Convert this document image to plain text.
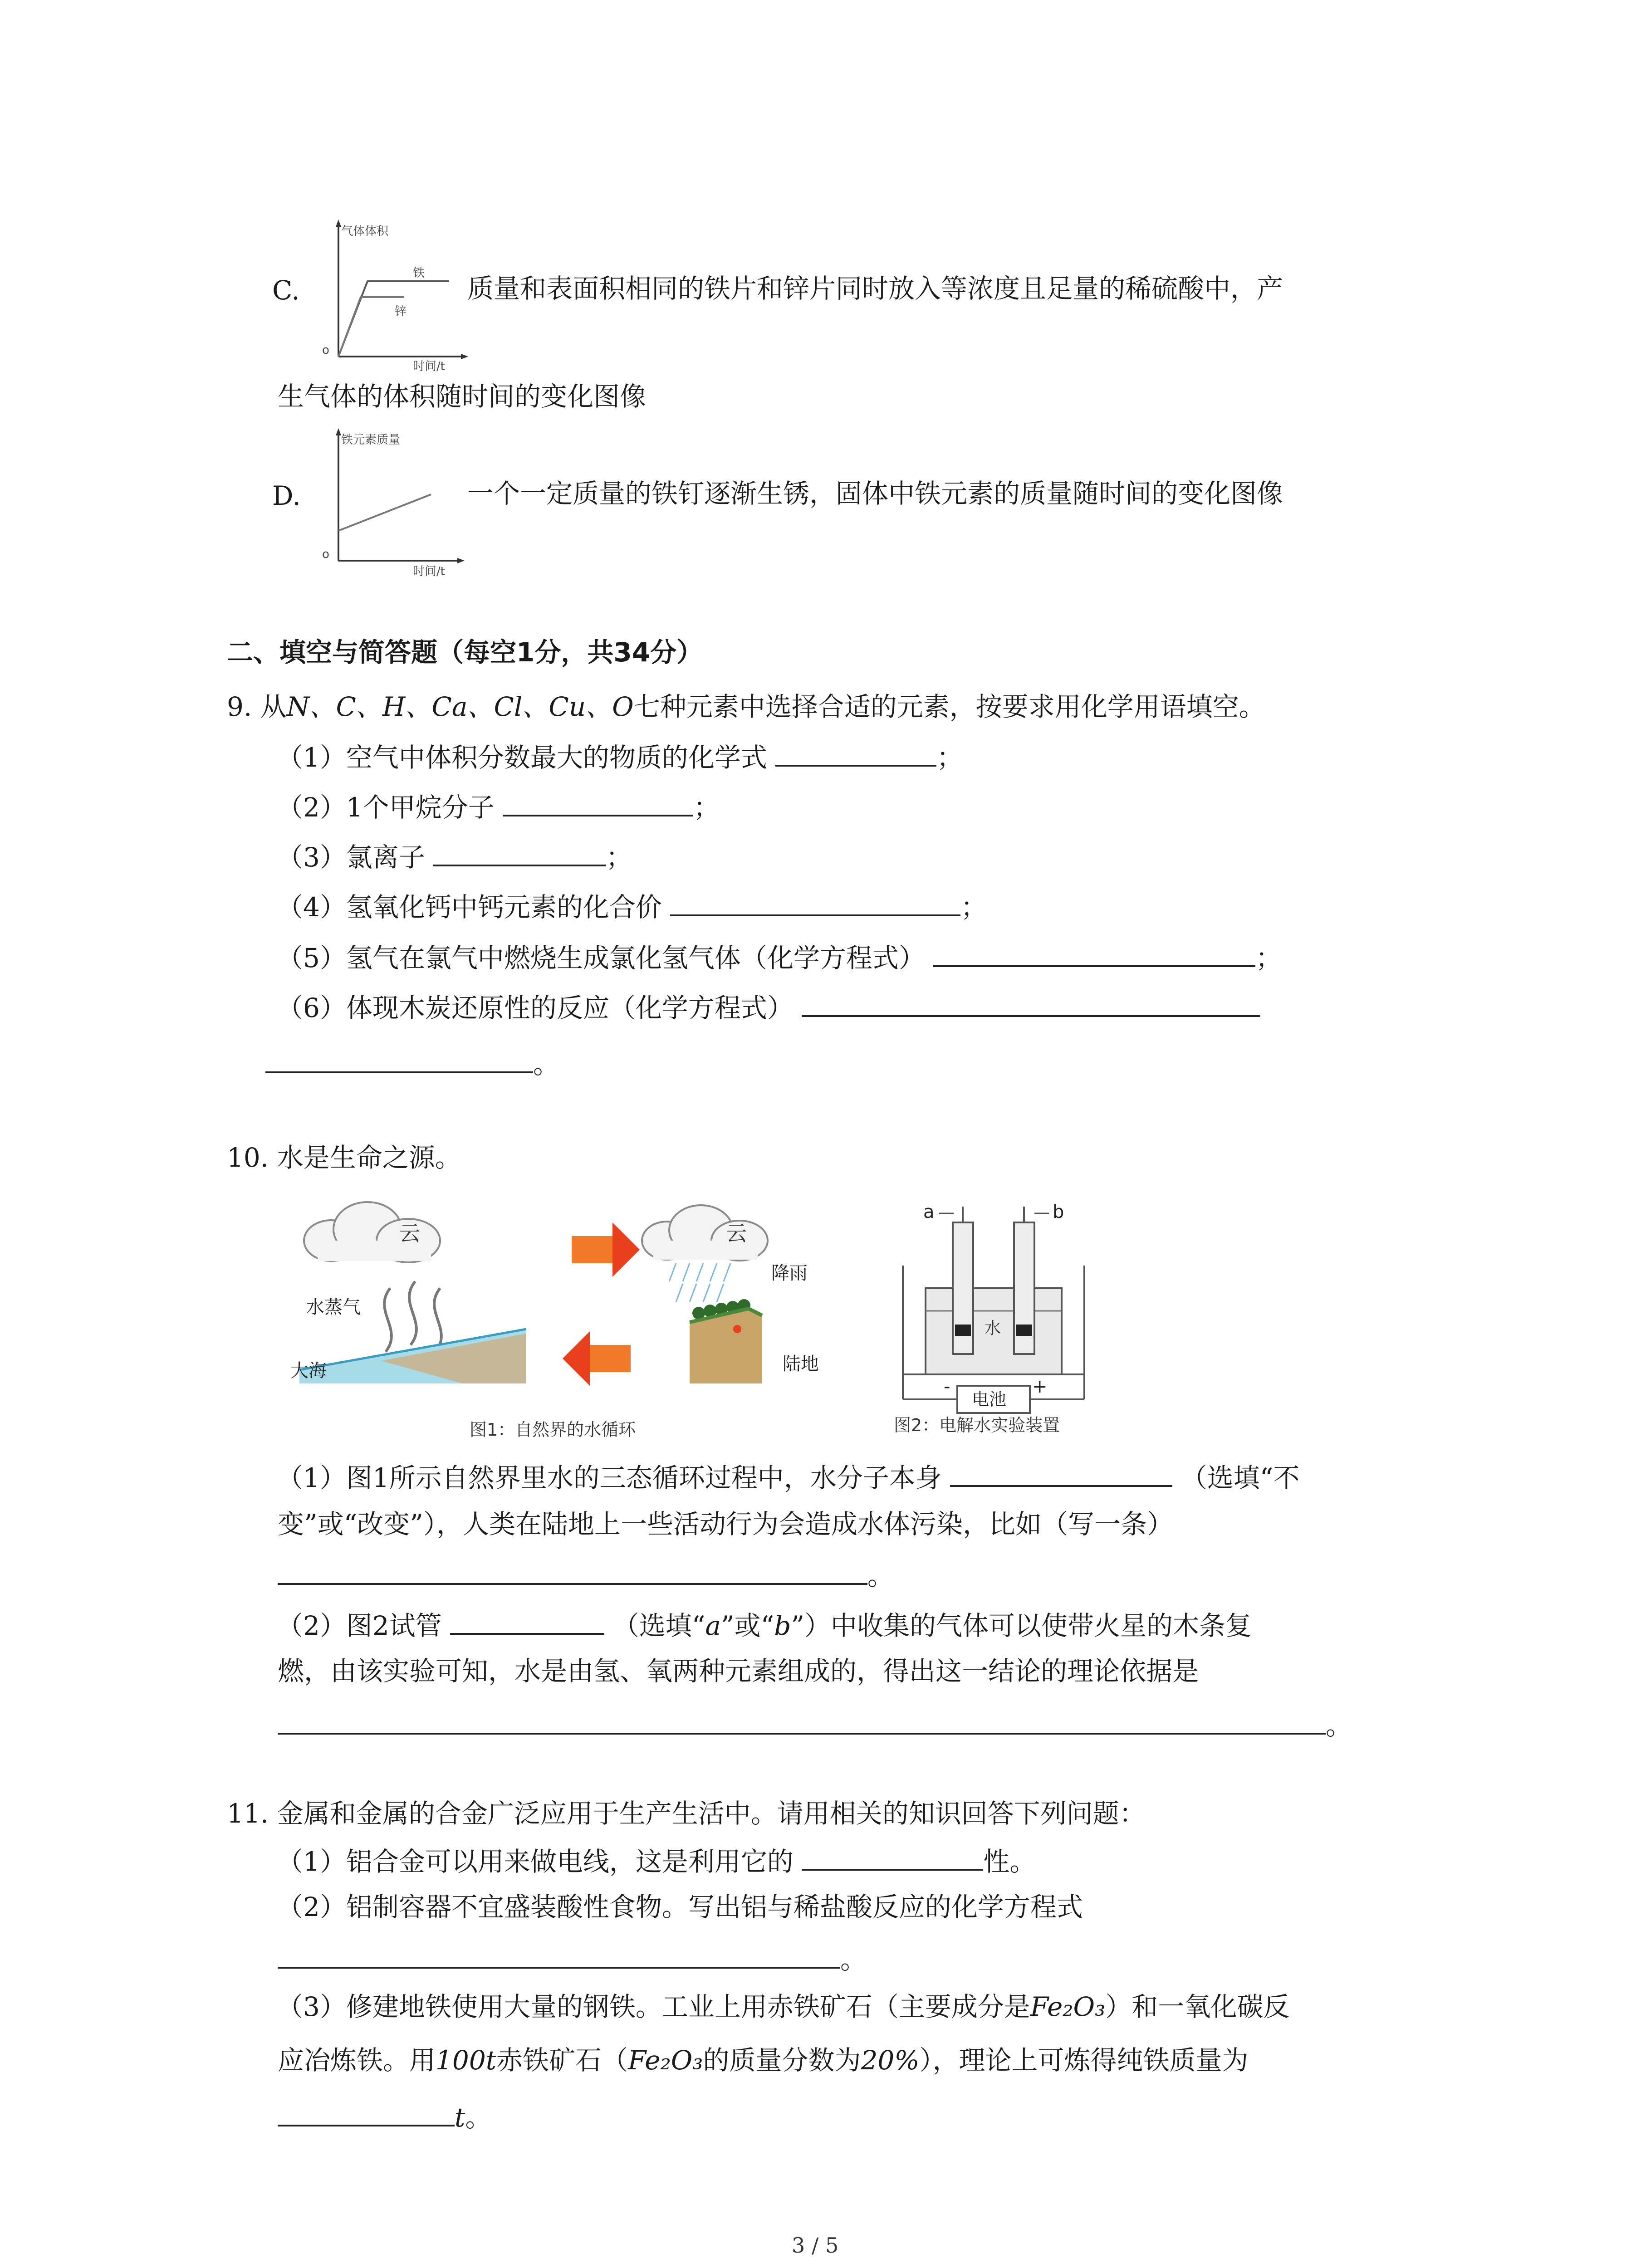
气体体积
铁
锌
o
时间/t
C.	质量和表面积相同的铁片和锌片同时放入等浓度且足量的稀硫酸中，产
生气体的体积随时间的变化图像
铁元素质量
o
时间/t
D.	一个一定质量的铁钉逐渐生锈，固体中铁元素的质量随时间的变化图像
二、填空与简答题（每空1分，共34分）
9. 从N、C、H、Ca、Cl、Cu、O七种元素中选择合适的元素，按要求用化学用语填空。
（1）空气中体积分数最大的物质的化学式	；
（2）1个甲烷分子	；
（3）氯离子	；
（4）氢氧化钙中钙元素的化合价	；
（5）氢气在氯气中燃烧生成氯化氢气体（化学方程式）	；
（6）体现木炭还原性的反应（化学方程式）
。
10. 水是生命之源。
云
水蒸气
大海
图1：自然界的水循环
云
降雨
陆地
a	b
水
电池
-	+
图2：电解水实验装置
（1）图1所示自然界里水的三态循环过程中，水分子本身	（选填“不
变”或“改变”），人类在陆地上一些活动行为会造成水体污染，比如（写一条）
。
（2）图2试管	（选填“a”或“b”）中收集的气体可以使带火星的木条复
燃，由该实验可知，水是由氢、氧两种元素组成的，得出这一结论的理论依据是
。
11. 金属和金属的合金广泛应用于生产生活中。请用相关的知识回答下列问题：
（1）铝合金可以用来做电线，这是利用它的	性。
（2）铝制容器不宜盛装酸性食物。写出铝与稀盐酸反应的化学方程式
。
（3）修建地铁使用大量的钢铁。工业上用赤铁矿石（主要成分是Fe₂O₃）和一氧化碳反
应冶炼铁。用100t赤铁矿石（Fe₂O₃的质量分数为20%），理论上可炼得纯铁质量为
t。
3 / 5
